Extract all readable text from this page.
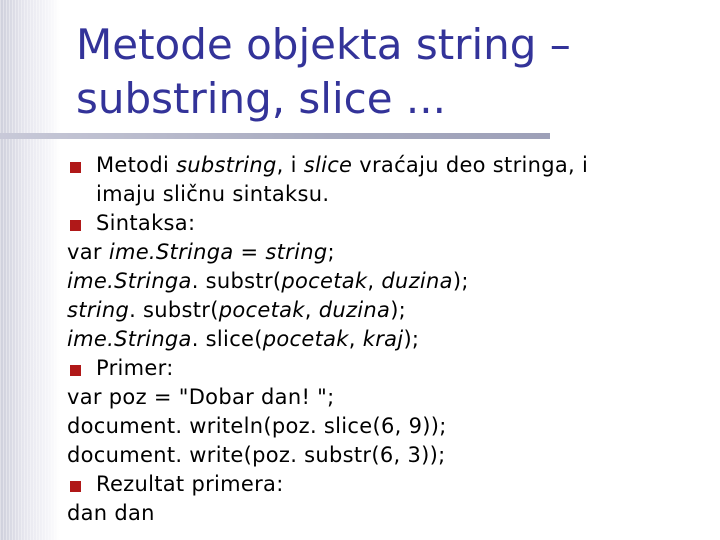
Metode objekta string –
substring, slice ...
Metodi substring, i slice vraćaju deo stringa, i
imaju sličnu sintaksu.
Sintaksa:
var ime.Stringa = string;
ime.Stringa. substr(pocetak, duzina);
string. substr(pocetak, duzina);
ime.Stringa. slice(pocetak, kraj);
Primer:
var poz = "Dobar dan! ";
document. writeln(poz. slice(6, 9));
document. write(poz. substr(6, 3));
Rezultat primera:
dan dan
